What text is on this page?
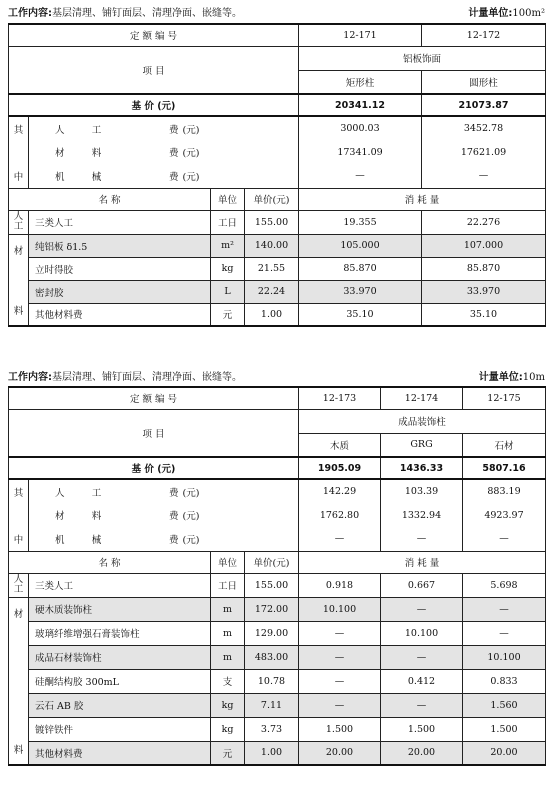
工作内容:基层清理、铺钉面层、清理净面、嵌缝等。	计量单位:100m²
定 额 编 号							12-171	12-172
项 目							铝板饰面	
							矩形柱	圆形柱
基 价 (元)							20341.12	21073.87
其	人	工	费	(元)			3000.03	3452.78
	材	料	费	(元)			17341.09	17621.09
中	机	械	费	(元)			—	—
名 称					单位	单价(元)	消 耗 量	
人工	三类人工				工日	155.00	19.355	22.276

材
料	纯铝板 δ1.5				m²	140.00	105.000	107.000
	立时得胶				kg	21.55	85.870	85.870
	密封胶				L	22.24	33.970	33.970
	其他材料费				元	1.00	35.10	35.10
工作内容:基层清理、铺钉面层、清理净面、嵌缝等。	计量单位:10m
定 额 编 号							12-173	12-174	12-175
项 目							成品装饰柱		
							木质	GRG	石材
基 价 (元)							1905.09	1436.33	5807.16
其	人	工	费	(元)			142.29	103.39	883.19
	材	料	费	(元)			1762.80	1332.94	4923.97
中	机	械	费	(元)			—	—	—
名 称					单位	单价(元)	消 耗 量		
人工	三类人工				工日	155.00	0.918	0.667	5.698

材
料	硬木质装饰柱				m	172.00	10.100	—	—
	玻璃纤维增强石膏装饰柱				m	129.00	—	10.100	—
	成品石材装饰柱				m	483.00	—	—	10.100
	硅酮结构胶 300mL				支	10.78	—	0.412	0.833
	云石 AB 胶				kg	7.11	—	—	1.560
	镀锌铁件				kg	3.73	1.500	1.500	1.500
	其他材料费				元	1.00	20.00	20.00	20.00
